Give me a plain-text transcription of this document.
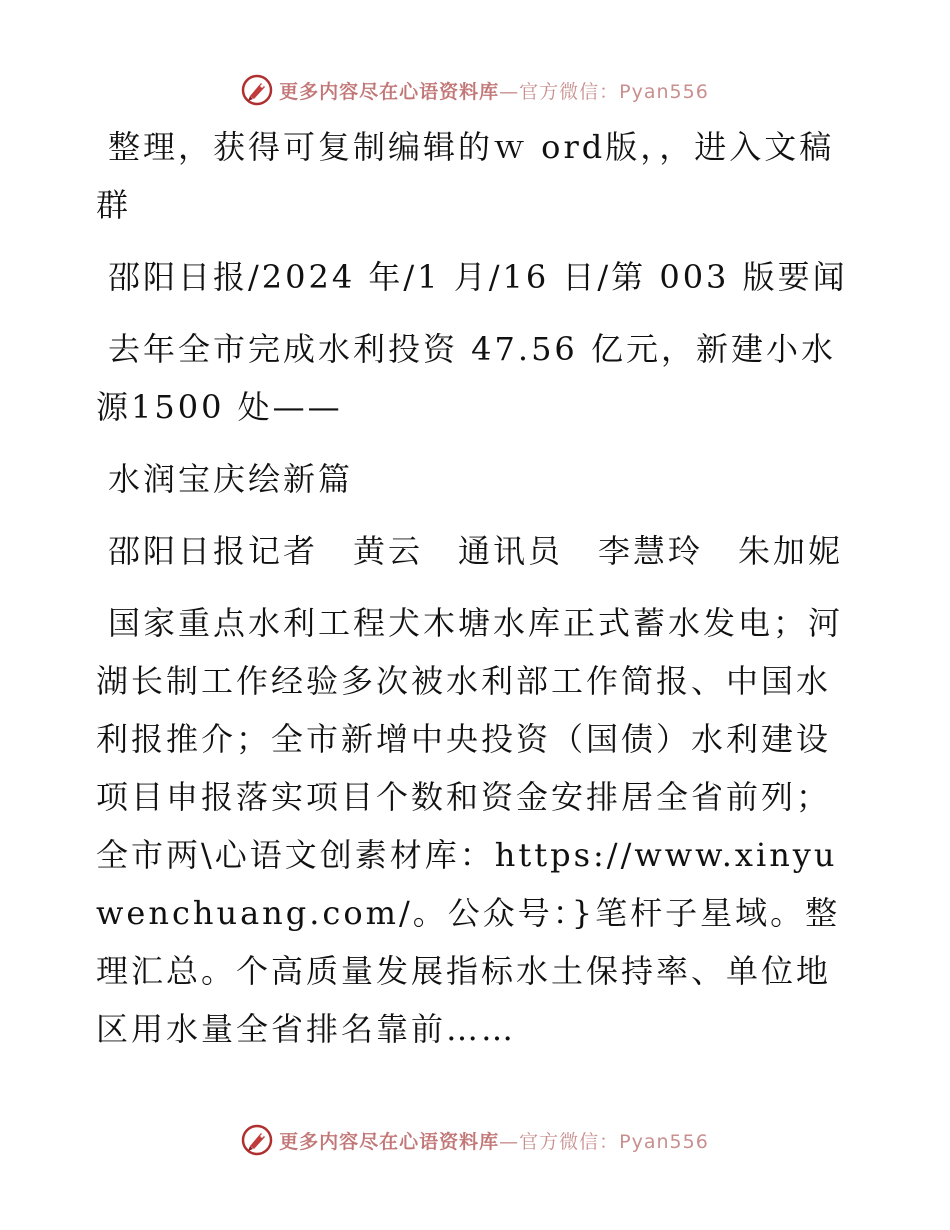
更多内容尽在心语资料库—官方微信：Pyan556

整理，获得可复制编辑的ｗ ord版，，进入文稿群

邵阳日报/2024 年/1 月/16 日/第 003 版要闻

去年全市完成水利投资 47.56 亿元，新建小水源1500 处——

水润宝庆绘新篇

邵阳日报记者　黄云　通讯员　李慧玲　朱加妮

国家重点水利工程犬木塘水库正式蓄水发电；河湖长制工作经验多次被水利部工作简报、中国水利报推介；全市新增中央投资（国债）水利建设项目申报落实项目个数和资金安排居全省前列；全市两\心语文创素材库：https://www.xinyuwenchuang.com/。公众号：}笔杆子星域。整理汇总。个高质量发展指标水土保持率、单位地区用水量全省排名靠前……

更多内容尽在心语资料库—官方微信：Pyan556
